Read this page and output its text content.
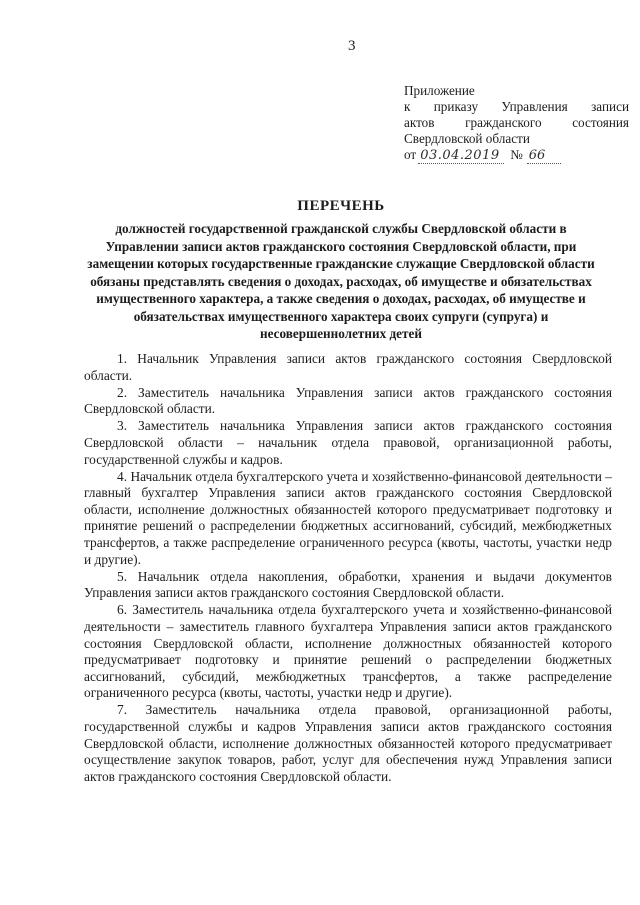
3
Приложение
к приказу Управления записи
актов гражданского состояния
Свердловской области
от 03.04.2019 № 66
ПЕРЕЧЕНЬ
должностей государственной гражданской службы Свердловской области в Управлении записи актов гражданского состояния Свердловской области, при замещении которых государственные гражданские служащие Свердловской области обязаны представлять сведения о доходах, расходах, об имуществе и обязательствах имущественного характера, а также сведения о доходах, расходах, об имуществе и обязательствах имущественного характера своих супруги (супруга) и несовершеннолетних детей

1. Начальник Управления записи актов гражданского состояния Свердловской области.

2. Заместитель начальника Управления записи актов гражданского состояния Свердловской области.

3. Заместитель начальника Управления записи актов гражданского состояния Свердловской области – начальник отдела правовой, организационной работы, государственной службы и кадров.

4. Начальник отдела бухгалтерского учета и хозяйственно-финансовой деятельности – главный бухгалтер Управления записи актов гражданского состояния Свердловской области, исполнение должностных обязанностей которого предусматривает подготовку и принятие решений о распределении бюджетных ассигнований, субсидий, межбюджетных трансфертов, а также распределение ограниченного ресурса (квоты, частоты, участки недр и другие).

5. Начальник отдела накопления, обработки, хранения и выдачи документов Управления записи актов гражданского состояния Свердловской области.

6. Заместитель начальника отдела бухгалтерского учета и хозяйственно-финансовой деятельности – заместитель главного бухгалтера Управления записи актов гражданского состояния Свердловской области, исполнение должностных обязанностей которого предусматривает подготовку и принятие решений о распределении бюджетных ассигнований, субсидий, межбюджетных трансфертов, а также распределение ограниченного ресурса (квоты, частоты, участки недр и другие).

7. Заместитель начальника отдела правовой, организационной работы, государственной службы и кадров Управления записи актов гражданского состояния Свердловской области, исполнение должностных обязанностей которого предусматривает осуществление закупок товаров, работ, услуг для обеспечения нужд Управления записи актов гражданского состояния Свердловской области.
